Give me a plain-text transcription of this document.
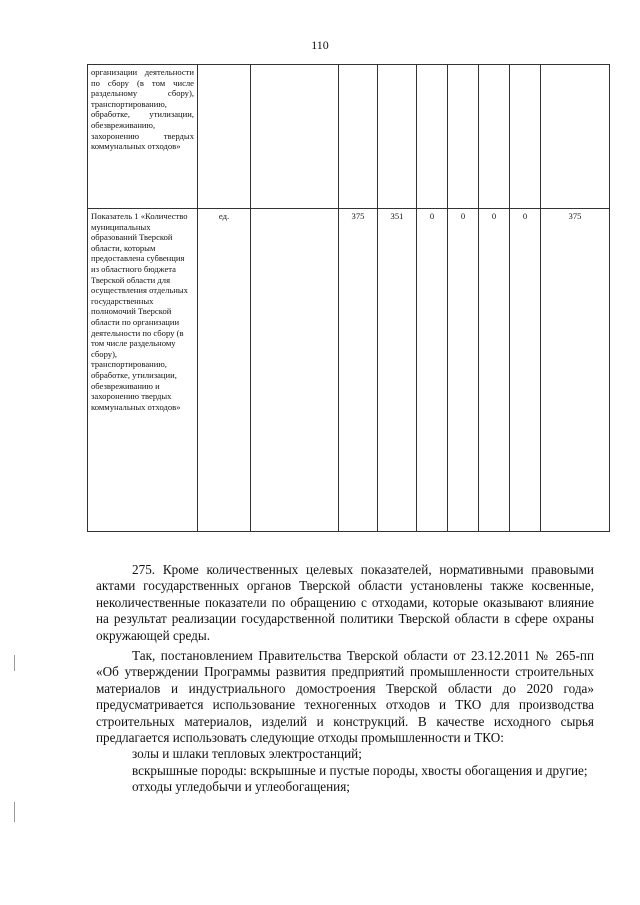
110
организации деятельности по сбору (в том числе раздельному сбору), транспортированию, обработке, утилизации, обезвреживанию, захоронению твердых коммунальных отходов»									
Показатель 1 «Количество муниципальных образований Тверской области, которым предоставлена субвенция из областного бюджета Тверской области для осуществления отдельных государственных полномочий Тверской области по организации деятельности по сбору (в том числе раздельному сбору), транспортированию, обработке, утилизации, обезвреживанию и захоронению твердых коммунальных отходов»	ед.		375	351	0	0	0	0	375

275. Кроме количественных целевых показателей, нормативными правовыми актами государственных органов Тверской области установлены также косвенные, неколичественные показатели по обращению с отходами, которые оказывают влияние на результат реализации государственной политики Тверской области в сфере охраны окружающей среды.

Так, постановлением Правительства Тверской области от 23.12.2011 № 265-пп «Об утверждении Программы развития предприятий промышленности строительных материалов и индустриального домостроения Тверской области до 2020 года» предусматривается использование техногенных отходов и ТКО для производства строительных материалов, изделий и конструкций. В качестве исходного сырья предлагается использовать следующие отходы промышленности и ТКО:

золы и шлаки тепловых электростанций;

вскрышные породы: вскрышные и пустые породы, хвосты обогащения и другие;

отходы угледобычи и углеобогащения;
